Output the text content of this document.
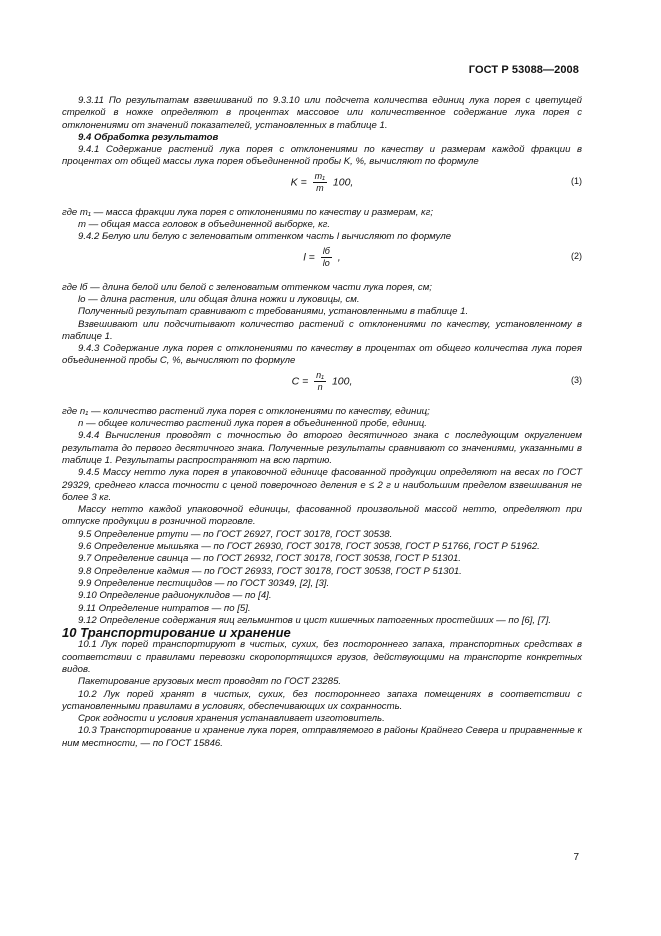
ГОСТ Р 53088—2008

9.3.11 По результатам взвешиваний по 9.3.10 или подсчета количества единиц лука порея с цветущей стрелкой в ножке определяют в процентах массовое или количественное содержание лука порея с отклонениями от значений показателей, установленных в таблице 1.

9.4 Обработка результатов

9.4.1 Содержание растений лука порея с отклонениями по качеству и размерам каждой фракции в процентах от общей массы лука порея объединенной пробы K, %, вычисляют по формуле

$K = \frac{\text{m₁}}{m} 100$,	(1)

где m₁ — масса фракции лука порея с отклонениями по качеству и размерам, кг;

m — общая масса головок в объединенной выборке, кг.

9.4.2 Белую или белую с зеленоватым оттенком часть l вычисляют по формуле

$l = \frac{lб}{lо}$ ,	(2)

где lб — длина белой или белой с зеленоватым оттенком части лука порея, см;

lо — длина растения, или общая длина ножки и луковицы, см.

Полученный результат сравнивают с требованиями, установленными в таблице 1.

Взвешивают или подсчитывают количество растений с отклонениями по качеству, установленному в таблице 1.

9.4.3 Содержание лука порея с отклонениями по качеству в процентах от общего количества лука порея объединенной пробы C, %, вычисляют по формуле

$C = \frac{\text{n₁}}{n} 100$,	(3)

где n₁ — количество растений лука порея с отклонениями по качеству, единиц;

n — общее количество растений лука порея в объединенной пробе, единиц.

9.4.4 Вычисления проводят с точностью до второго десятичного знака с последующим округлением результата до первого десятичного знака. Полученные результаты сравнивают со значениями, указанными в таблице 1. Результаты распространяют на всю партию.

9.4.5 Массу нетто лука порея в упаковочной единице фасованной продукции определяют на весах по ГОСТ 29329, среднего класса точности с ценой поверочного деления е ≤ 2 г и наибольшим пределом взвешивания не более 3 кг.

Массу нетто каждой упаковочной единицы, фасованной произвольной массой нетто, определяют при отпуске продукции в розничной торговле.

9.5 Определение ртути — по ГОСТ 26927, ГОСТ 30178, ГОСТ 30538.

9.6 Определение мышьяка — по ГОСТ 26930, ГОСТ 30178, ГОСТ 30538, ГОСТ Р 51766, ГОСТ Р 51962.

9.7 Определение свинца — по ГОСТ 26932, ГОСТ 30178, ГОСТ 30538, ГОСТ Р 51301.

9.8 Определение кадмия — по ГОСТ 26933, ГОСТ 30178, ГОСТ 30538, ГОСТ Р 51301.

9.9 Определение пестицидов — по ГОСТ 30349, [2], [3].

9.10 Определение радионуклидов — по [4].

9.11 Определение нитратов — по [5].

9.12 Определение содержания яиц гельминтов и цист кишечных патогенных простейших — по [6], [7].

10 Транспортирование и хранение

10.1 Лук порей транспортируют в чистых, сухих, без постороннего запаха, транспортных средствах в соответствии с правилами перевозки скоропортящихся грузов, действующими на транспорте конкретных видов.

Пакетирование грузовых мест проводят по ГОСТ 23285.

10.2 Лук порей хранят в чистых, сухих, без постороннего запаха помещениях в соответствии с установленными правилами в условиях, обеспечивающих их сохранность.

Срок годности и условия хранения устанавливает изготовитель.

10.3 Транспортирование и хранение лука порея, отправляемого в районы Крайнего Севера и приравненные к ним местности, — по ГОСТ 15846.

7
